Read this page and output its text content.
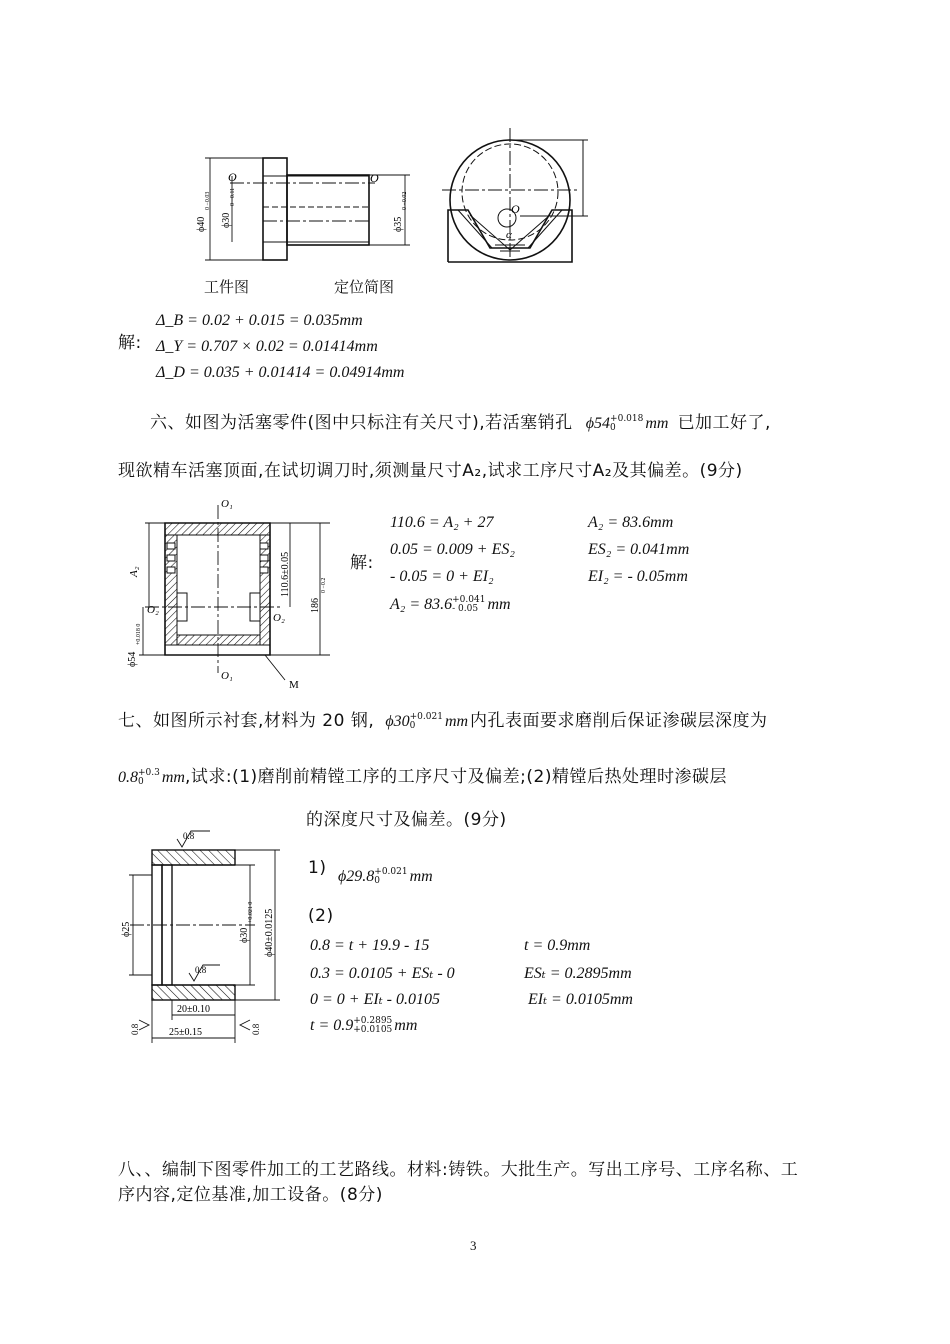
O	O
ϕ40
0 −0.03
ϕ30
0 −0.11
ϕ35
0 −0.02	O
α
工件图	定位简图
解:
Δ_B = 0.02 + 0.015 = 0.035mm
Δ_Y = 0.707 × 0.02 = 0.01414mm
Δ_D = 0.035 + 0.01414 = 0.04914mm
六、如图为活塞零件(图中只标注有关尺寸),若活塞销孔 ϕ54+0.018
0 mm 已加工好了,
现欲精车活塞顶面,在试切调刀时,须测量尺寸A₂,试求工序尺寸A₂及其偏差。(9分)
O₁
O₁
O₂
O₂
A₂	110.6±0.05
186
0 −0.2
ϕ54
+0.018 0
M
解:
110.6 = A₂ + 27	A₂ = 83.6mm
0.05 = 0.009 + ES₂	ES₂ = 0.041mm
- 0.05 = 0 + EI₂	EI₂ = - 0.05mm
A₂ = 83.6+0.041
- 0.05 mm
七、如图所示衬套,材料为 20 钢, ϕ30+0.021
0 mm 内孔表面要求磨削后保证渗碳层深度为
0.8+0.3
0 mm,试求:(1)磨削前精镗工序的工序尺寸及偏差;(2)精镗后热处理时渗碳层
的深度尺寸及偏差。(9分)
0.8
0.8
0.8	0.8
ϕ25	ϕ30
+0.021 0 ϕ40±0.0125
20±0.10
25±0.15
1) ϕ29.8+0.021
0 mm
(2)
0.8 = t + 19.9 - 15	t = 0.9mm
0.3 = 0.0105 + ESₜ - 0	ESₜ = 0.2895mm
0 = 0 + EIₜ - 0.0105	EIₜ = 0.0105mm
t = 0.9+0.2895
+0.0105 mm
八、、编制下图零件加工的工艺路线。材料:铸铁。大批生产。写出工序号、工序名称、工
序内容,定位基准,加工设备。(8分)
3
